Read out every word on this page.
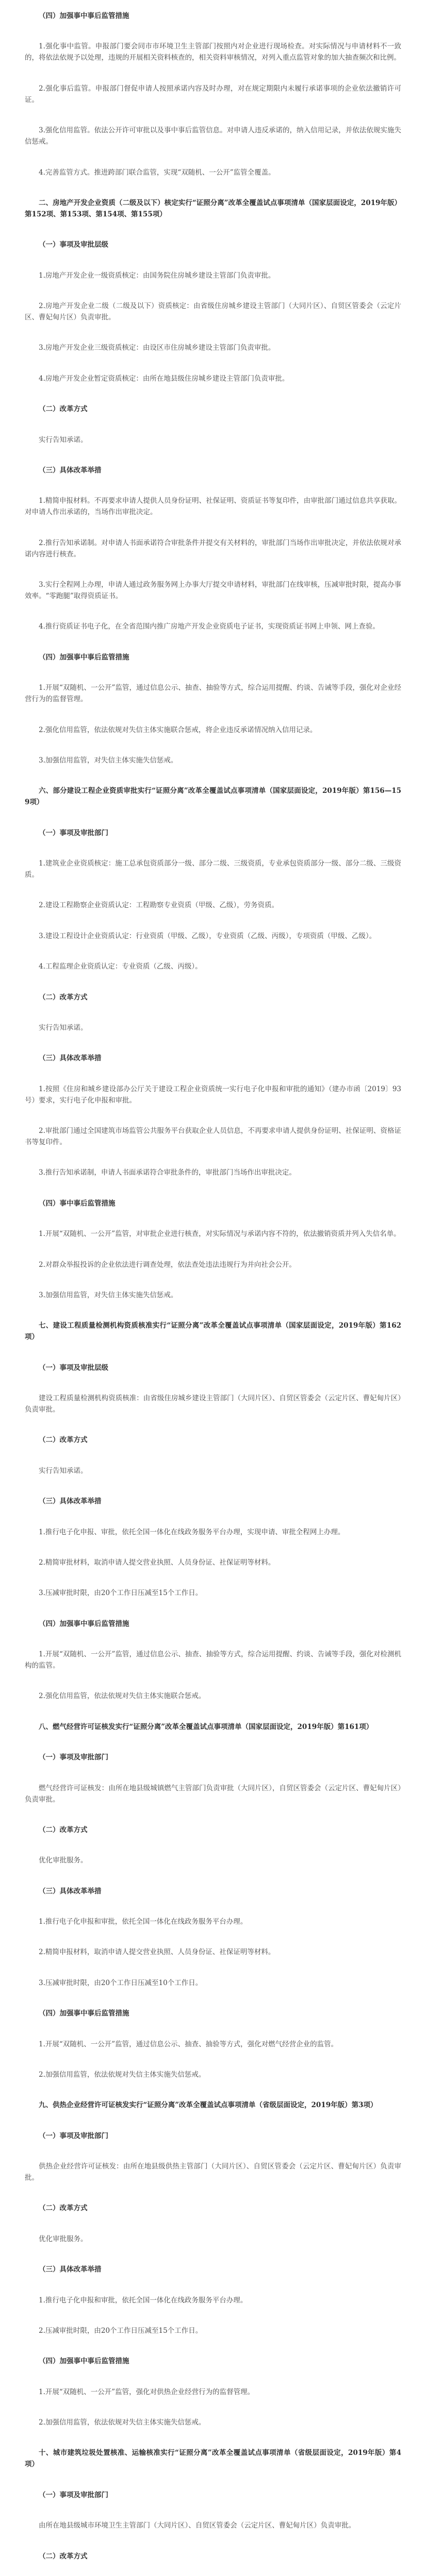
（四）加强事中事后监管措施

1.强化事中监管。申报部门要会同市市环境卫生主管部门按照内对企业进行现场检查。对实际情况与申请材料不一致的，将依法依规予以处理，违规的开展相关资料核查的，相关资料审核情况，对列入重点监管对象的加大抽查频次和比例。

2.强化事后监管。申报部门督促申请人按照承诺内容及时办理，对在规定期限内未履行承诺事项的企业依法撤销许可证。

3.强化信用监管。依法公开许可审批以及事中事后监管信息。对申请人违反承诺的，纳入信用记录，并依法依规实施失信惩戒。

4.完善监管方式。推进跨部门联合监管，实现“双随机、一公开”监管全覆盖。

二、房地产开发企业资质（二级及以下）核定实行“证照分离”改革全覆盖试点事项清单（国家层面设定，2019年版）第152项、第153项、第154项、第155项）

（一）事项及审批层级

1.房地产开发企业一级资质核定：由国务院住房城乡建设主管部门负责审批。

2.房地产开发企业二级（二级及以下）资质核定：由省级住房城乡建设主管部门（大同片区）、自贸区管委会（云定片区、曹妃甸片区）负责审批。

3.房地产开发企业三级资质核定：由设区市住房城乡建设主管部门负责审批。

4.房地产开发企业暂定资质核定：由所在地县级住房城乡建设主管部门负责审批。

（二）改革方式

实行告知承诺。

（三）具体改革举措

1.精简申报材料。不再要求申请人提供人员身份证明、社保证明、资质证书等复印件，由审批部门通过信息共享获取。对申请人作出承诺的，当场作出审批决定。

2.推行告知承诺制。对申请人书面承诺符合审批条件并提交有关材料的，审批部门当场作出审批决定，并依法依规对承诺内容进行核查。

3.实行全程网上办理，申请人通过政务服务网上办事大厅提交申请材料，审批部门在线审核，压减审批时限，提高办事效率。“零跑腿”取得资质证书。

4.推行资质证书电子化，在全省范围内推广房地产开发企业资质电子证书，实现资质证书网上申领、网上查验。

（四）加强事中事后监管措施

1.开展“双随机、一公开”监管，通过信息公示、抽查、抽验等方式，综合运用提醒、约谈、告诫等手段，强化对企业经营行为的监督管理。

2.强化信用监管，依法依规对失信主体实施联合惩戒，将企业违反承诺情况纳入信用记录。

3.加强信用监管，对失信主体实施失信惩戒。

六、部分建设工程企业资质审批实行“证照分离”改革全覆盖试点事项清单（国家层面设定，2019年版）第156—159项）

（一）事项及审批部门

1.建筑业企业资质核定：施工总承包资质部分一级、部分二级、三级资质，专业承包资质部分一级、部分二级、三级资质。

2.建设工程勘察企业资质认定：工程勘察专业资质（甲级、乙级），劳务资质。

3.建设工程设计企业资质认定：行业资质（甲级、乙级），专业资质（乙级、丙级），专项资质（甲级、乙级）。

4.工程监理企业资质认定：专业资质（乙级、丙级）。

（二）改革方式

实行告知承诺。

（三）具体改革举措

1.按照《住房和城乡建设部办公厅关于建设工程企业资质统一实行电子化申报和审批的通知》（建办市函〔2019〕93号）要求，实行电子化申报和审批。

2.审批部门通过全国建筑市场监管公共服务平台获取企业人员信息，不再要求申请人提供身份证明、社保证明、资格证书等复印件。

3.推行告知承诺制，申请人书面承诺符合审批条件的，审批部门当场作出审批决定。

（四）事中事后监管措施

1.开展“双随机、一公开”监管，对审批企业进行核查，对实际情况与承诺内容不符的，依法撤销资质并列入失信名单。

2.对群众举报投诉的企业依法进行调查处理，依法查处违法违规行为并向社会公开。

3.加强信用监管，对失信主体实施失信惩戒。

七、建设工程质量检测机构资质核准实行“证照分离”改革全覆盖试点事项清单（国家层面设定，2019年版）第162项）

（一）事项及审批层级

建设工程质量检测机构资质核准：由省级住房城乡建设主管部门（大同片区）、自贸区管委会（云定片区、曹妃甸片区）负责审批。

（二）改革方式

实行告知承诺。

（三）具体改革举措

1.推行电子化申报、审批，依托全国一体化在线政务服务平台办理，实现申请、审批全程网上办理。

2.精简审批材料，取消申请人提交营业执照、人员身份证、社保证明等材料。

3.压减审批时限，由20个工作日压减至15个工作日。

（四）加强事中事后监管措施

1.开展“双随机、一公开”监管，通过信息公示、抽查、抽验等方式，综合运用提醒、约谈、告诫等手段，强化对检测机构的监管。

2.强化信用监管，依法依规对失信主体实施联合惩戒。

八、燃气经营许可证核发实行“证照分离”改革全覆盖试点事项清单（国家层面设定，2019年版）第161项）

（一）事项及审批部门

燃气经营许可证核发：由所在地县级城镇燃气主管部门负责审批（大同片区），自贸区管委会（云定片区、曹妃甸片区）负责审批。

（二）改革方式

优化审批服务。

（三）具体改革举措

1.推行电子化申报和审批，依托全国一体化在线政务服务平台办理。

2.精简申报材料，取消申请人提交营业执照、人员身份证、社保证明等材料。

3.压减审批时限，由20个工作日压减至10个工作日。

（四）加强事中事后监管措施

1.开展“双随机、一公开”监管，通过信息公示、抽查、抽验等方式，强化对燃气经营企业的监管。

2.加强信用监管，依法依规对失信主体实施失信惩戒。

九、供热企业经营许可证核发实行“证照分离”改革全覆盖试点事项清单（省级层面设定，2019年版）第3项）

（一）事项及审批部门

供热企业经营许可证核发：由所在地县级供热主管部门（大同片区）、自贸区管委会（云定片区、曹妃甸片区）负责审批。

（二）改革方式

优化审批服务。

（三）具体改革举措

1.推行电子化申报和审批，依托全国一体化在线政务服务平台办理。

2.压减审批时限，由20个工作日压减至15个工作日。

（四）加强事中事后监管措施

1.开展“双随机、一公开”监管，强化对供热企业经营行为的监督管理。

2.加强信用监管，依法依规对失信主体实施失信惩戒。

十、城市建筑垃圾处置核准、运输核准实行“证照分离”改革全覆盖试点事项清单（省级层面设定，2019年版）第4项）

（一）事项及审批部门

由所在地县级城市环境卫生主管部门（大同片区）、自贸区管委会（云定片区、曹妃甸片区）负责审批。

（二）改革方式
